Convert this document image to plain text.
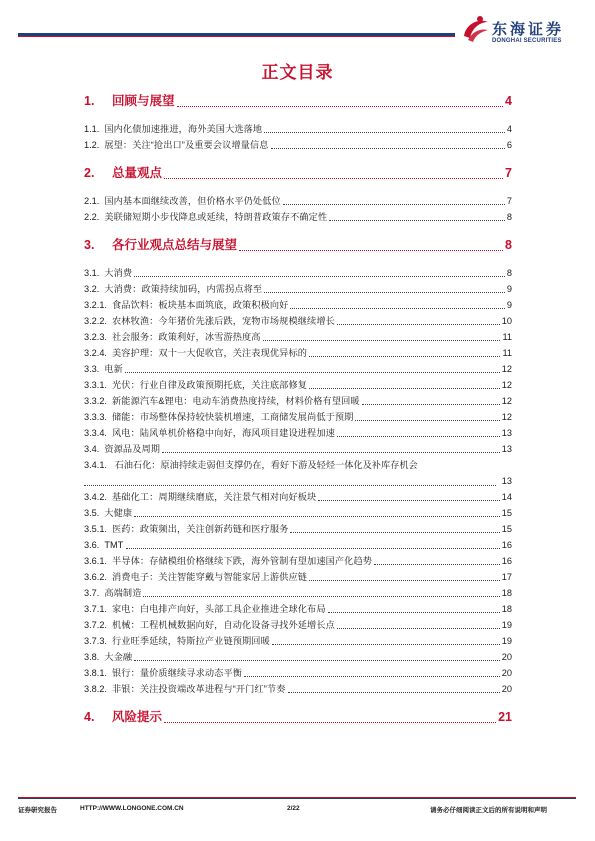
东海证券
DONGHAI SECURITIES
正文目录
1.	回顾与展望	4
1.1. 国内化债加速推进，海外美国大选落地	4
1.2. 展望：关注“抢出口”及重要会议增量信息	6
2.	总量观点	7
2.1. 国内基本面继续改善，但价格水平仍处低位	7
2.2. 美联储短期小步伐降息或延续，特朗普政策存不确定性	8
3.	各行业观点总结与展望	8
3.1. 大消费	8
3.2. 大消费：政策持续加码，内需拐点将至	9
3.2.1. 食品饮料：板块基本面筑底，政策积极向好	9
3.2.2. 农林牧渔：今年猪价先涨后跌，宠物市场规模继续增长	10
3.2.3. 社会服务：政策利好，冰雪游热度高	11
3.2.4. 美容护理：双十一大促收官，关注表现优异标的	11
3.3. 电新	12
3.3.1. 光伏：行业自律及政策预期托底，关注底部修复	12
3.3.2. 新能源汽车&锂电：电动车消费热度持续，材料价格有望回暖	12
3.3.3. 储能：市场整体保持较快装机增速，工商储发展尚低于预期	12
3.3.4. 风电：陆风单机价格稳中向好，海风项目建设进程加速	13
3.4. 资源品及周期	13
3.4.1. 石油石化：原油持续走弱但支撑仍在，看好下游及轻烃一体化及补库存机会
13
3.4.2. 基础化工：周期继续磨底，关注景气相对向好板块	14
3.5. 大健康	15
3.5.1. 医药：政策频出，关注创新药链和医疗服务	15
3.6. TMT	16
3.6.1. 半导体：存储模组价格继续下跌，海外管制有望加速国产化趋势	16
3.6.2. 消费电子：关注智能穿戴与智能家居上游供应链	17
3.7. 高端制造	18
3.7.1. 家电：白电排产向好，头部工具企业推进全球化布局	18
3.7.2. 机械：工程机械数据向好，自动化设备寻找外延增长点	19
3.7.3. 行业旺季延续，特斯拉产业链预期回暖	19
3.8. 大金融	20
3.8.1. 银行：量价质继续寻求动态平衡	20
3.8.2. 非银：关注投资端改革进程与“开门红”节奏	20
4.	风险提示	21
证券研究报告	HTTP://WWW.LONGONE.COM.CN	2/22	请务必仔细阅读正文后的所有说明和声明
